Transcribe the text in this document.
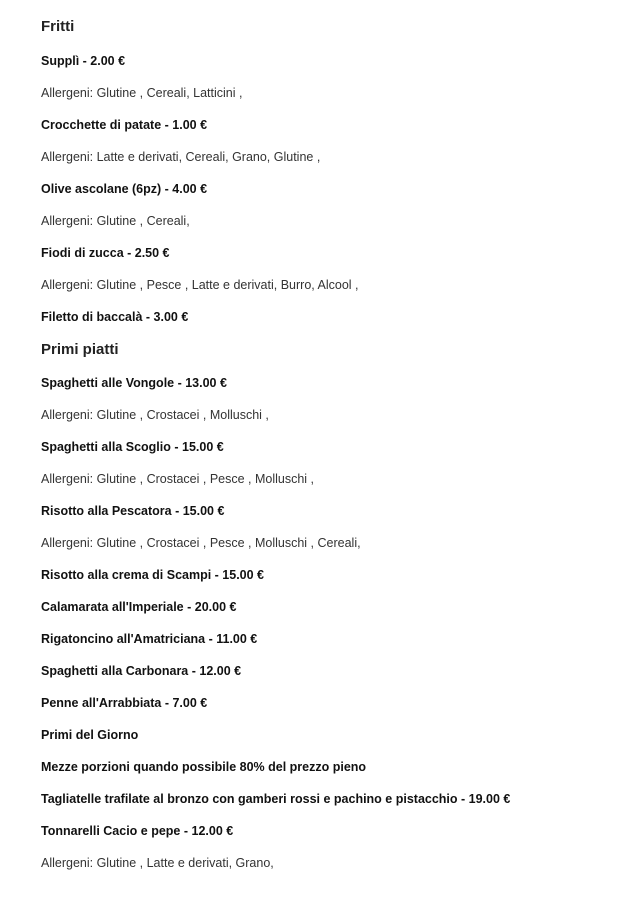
Fritti
Supplì - 2.00 €
Allergeni: Glutine , Cereali, Latticini ,
Crocchette di patate - 1.00 €
Allergeni: Latte e derivati, Cereali, Grano, Glutine ,
Olive ascolane (6pz) - 4.00 €
Allergeni: Glutine , Cereali,
Fiodi di zucca - 2.50 €
Allergeni: Glutine , Pesce , Latte e derivati, Burro, Alcool ,
Filetto di baccalà - 3.00 €
Primi piatti
Spaghetti alle Vongole - 13.00 €
Allergeni: Glutine , Crostacei , Molluschi ,
Spaghetti alla Scoglio - 15.00 €
Allergeni: Glutine , Crostacei , Pesce , Molluschi ,
Risotto alla Pescatora - 15.00 €
Allergeni: Glutine , Crostacei , Pesce , Molluschi , Cereali,
Risotto alla crema di Scampi - 15.00 €
Calamarata all'Imperiale - 20.00 €
Rigatoncino all'Amatriciana - 11.00 €
Spaghetti alla Carbonara - 12.00 €
Penne all'Arrabbiata - 7.00 €
Primi del Giorno
Mezze porzioni quando possibile 80% del prezzo pieno
Tagliatelle trafilate al bronzo con gamberi rossi e pachino e pistacchio - 19.00 €
Tonnarelli Cacio e pepe - 12.00 €
Allergeni: Glutine , Latte e derivati, Grano,
